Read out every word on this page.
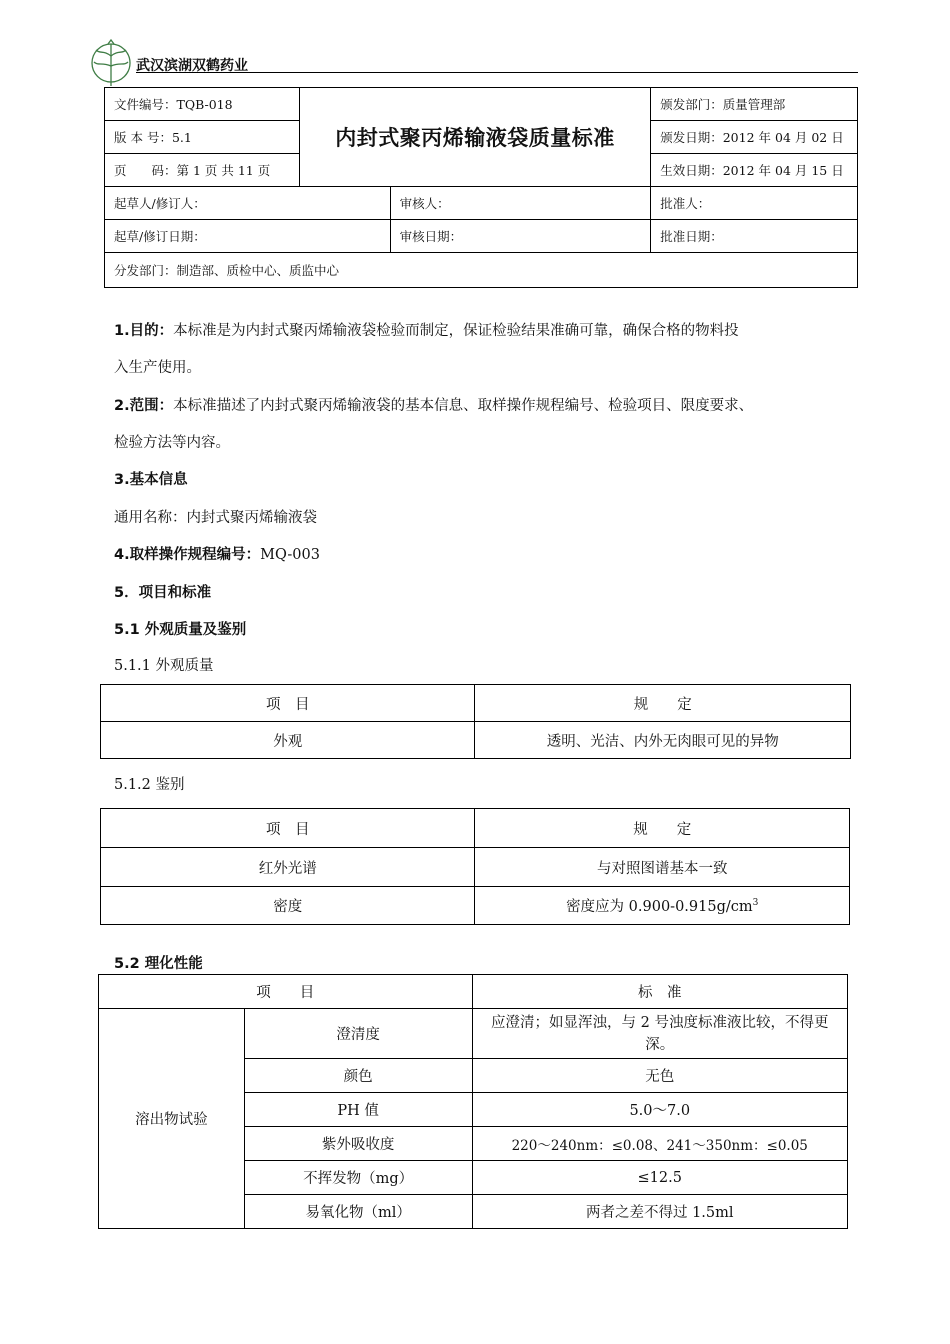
武汉滨湖双鹤药业
文件编号：TQB-018	内封式聚丙烯输液袋质量标准		颁发部门：质量管理部
版 本 号：5.1			颁发日期：2012 年 04 月 02 日
页　　码：第 1 页 共 11 页			生效日期：2012 年 04 月 15 日
起草人/修订人：		审核人：	批准人：
起草/修订日期：		审核日期：	批准日期：
分发部门：制造部、质检中心、质监中心			
1.目的：本标准是为内封式聚丙烯输液袋检验而制定，保证检验结果准确可靠，确保合格的物料投
入生产使用。
2.范围：本标准描述了内封式聚丙烯输液袋的基本信息、取样操作规程编号、检验项目、限度要求、
检验方法等内容。
3.基本信息
通用名称：内封式聚丙烯输液袋
4.取样操作规程编号：MQ-003
5．项目和标准
5.1 外观质量及鉴别
5.1.1 外观质量
项　目	规　　定
外观	透明、光洁、内外无肉眼可见的异物
5.1.2 鉴别
项　目	规　　定
红外光谱	与对照图谱基本一致
密度	密度应为 $0.900-0.915g/cm^3$
5.2 理化性能
项　　目		标　准
溶出物试验	澄清度	应澄清；如显浑浊，与 2 号浊度标准液比较，不得更深。
	颜色	无色
	PH 值	5.0～7.0
	紫外吸收度	220～240nm：≤0.08、241～350nm：≤0.05
	不挥发物（mg）	≤12.5
	易氧化物（ml）	两者之差不得过 1.5ml
